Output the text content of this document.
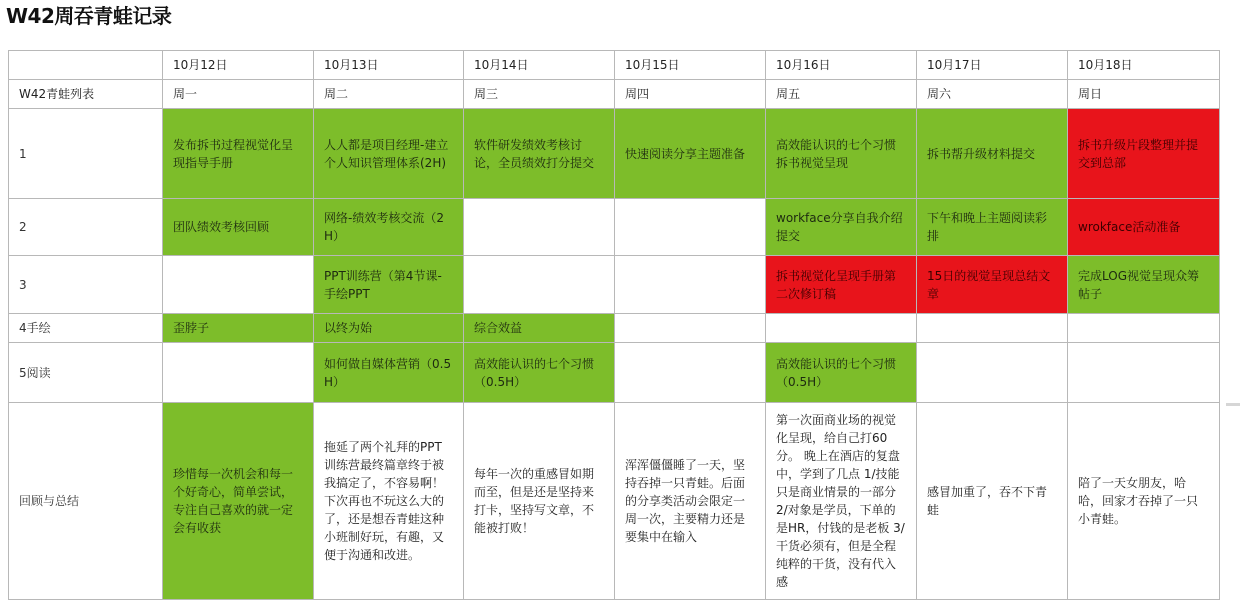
W42周吞青蛙记录
	10月12日	10月13日	10月14日	10月15日	10月16日	10月17日	10月18日
W42青蛙列表	周一	周二	周三	周四	周五	周六	周日
1	发布拆书过程视觉化呈现指导手册	人人都是项目经理-建立个人知识管理体系(2H)	软件研发绩效考核讨论，全员绩效打分提交	快速阅读分享主题准备	高效能认识的七个习惯拆书视觉呈现	拆书帮升级材料提交	拆书升级片段整理并提交到总部
2	团队绩效考核回顾	网络-绩效考核交流（2H）			workface分享自我介绍提交	下午和晚上主题阅读彩排	wrokface活动准备
3		PPT训练营（第4节课-手绘PPT			拆书视觉化呈现手册第二次修订稿	15日的视觉呈现总结文章	完成LOG视觉呈现众筹帖子
4手绘	歪脖子	以终为始	综合效益				
5阅读		如何做自媒体营销（0.5H）	高效能认识的七个习惯（0.5H）		高效能认识的七个习惯（0.5H）		
回顾与总结	珍惜每一次机会和每一个好奇心，简单尝试，专注自己喜欢的就一定会有收获	拖延了两个礼拜的PPT训练营最终篇章终于被我搞定了，不容易啊！下次再也不玩这么大的了，还是想吞青蛙这种小班制好玩，有趣，又便于沟通和改进。	每年一次的重感冒如期而至，但是还是坚持来打卡，坚持写文章，不能被打败！	浑浑僵僵睡了一天，坚持吞掉一只青蛙。后面的分享类活动会限定一周一次，主要精力还是要集中在输入	第一次面商业场的视觉化呈现，给自己打60分。 晚上在酒店的复盘中，学到了几点 1/技能只是商业情景的一部分 2/对象是学员，下单的是HR，付钱的是老板 3/干货必须有，但是全程纯粹的干货，没有代入感	感冒加重了，吞不下青蛙	陪了一天女朋友，哈哈，回家才吞掉了一只小青蛙。
